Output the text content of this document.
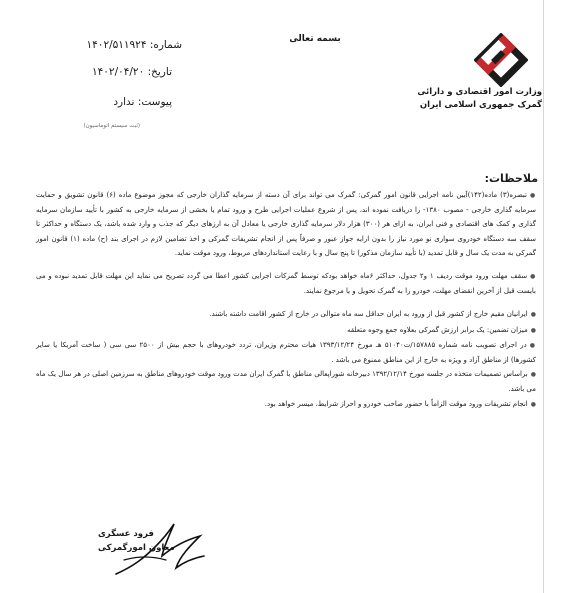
وزارت امور اقتصادی و دارائی
گمرک جمهوری اسلامی ایران
بسمه تعالی
شماره: ۱۴۰۲/۵۱۱۹۲۴
تاریخ: ۱۴۰۲/۰۴/۲۰
پیوست: ندارد
(ثبت سیستم اتوماسیون)
ملاحظات:

●تبصره(۳) ماده(۱۴۲)آیین نامه اجرایی قانون امور گمرکی: گمرک می تواند برای آن دسته از سرمایه گذاران خارجی که مجوز موضوع ماده (۶) قانون تشویق و حمایت سرمایه گذاری خارجی - مصوب ۱۳۸۰- را دریافت نموده اند، پس از شروع عملیات اجرایی طرح و ورود تمام یا بخشی از سرمایه خارجی به کشور با تأیید سازمان سرمایه گذاری و کمک های اقتصادی و فنی ایران، به ازای هر (۳۰۰) هزار دلار سرمایه گذاری خارجی یا معادل آن به ارزهای دیگر که جذب و وارد شده باشد، یک دستگاه و حداکثر تا سقف سه دستگاه خودروی سواری نو مورد نیاز را بدون ارایه جواز عبور و صرفاً پس از انجام تشریفات گمرکی و اخذ تضامین لازم در اجرای بند (ح) ماده (۱) قانون امور گمرکی به مدت یک سال و قابل تمدید (با تأیید سازمان مذکور) تا پنج سال و با رعایت استانداردهای مربوط، ورود موقت نماید.

●سقف مهلت ورود موقت ردیف ۱ و۲ جدول، حداکثر ۶ماه خواهد بودکه توسط گمرکات اجرایی کشور اعطا می گردد تصریح می نماید این مهلت قابل تمدید نبوده و می بایست قبل از آخرین انقضای مهلت، خودرو را به گمرک تحویل و یا مرجوع نمایند.

●ایرانیان مقیم خارج از کشور قبل از ورود به ایران حداقل سه ماه متوالی در خارج از کشور اقامت داشته باشند.

●میزان تضمین: یک برابر ارزش گمرکی بعلاوه جمع وجوه متعلقه

●در اجرای تصویب نامه شماره ۱۵۷۸۸۵/ت۵۱۰۴۰ هـ مورخ ۱۳۹۳/۱۲/۲۴ هیات محترم وزیران، تردد خودروهای با حجم بیش از ۲۵۰۰ سی سی ( ساخت آمریکا یا سایر کشورها) از مناطق آزاد و ویژه به خارج از این مناطق ممنوع می باشد .

●براساس تصمیمات متخذه در جلسه مورخ ۱۳۹۲/۱۲/۱۴ دبیرخانه شوراپعالی مناطق با گمرک ایران مدت ورود موقت خودروهای مناطق به سرزمین اصلی در هر سال یک ماه می باشد.

●انجام تشریفات ورود موقت الزاماً با حضور صاحب خودرو و احراز شرایط، میسر خواهد بود.

فرود عسگری
معاون امورگمرکی
